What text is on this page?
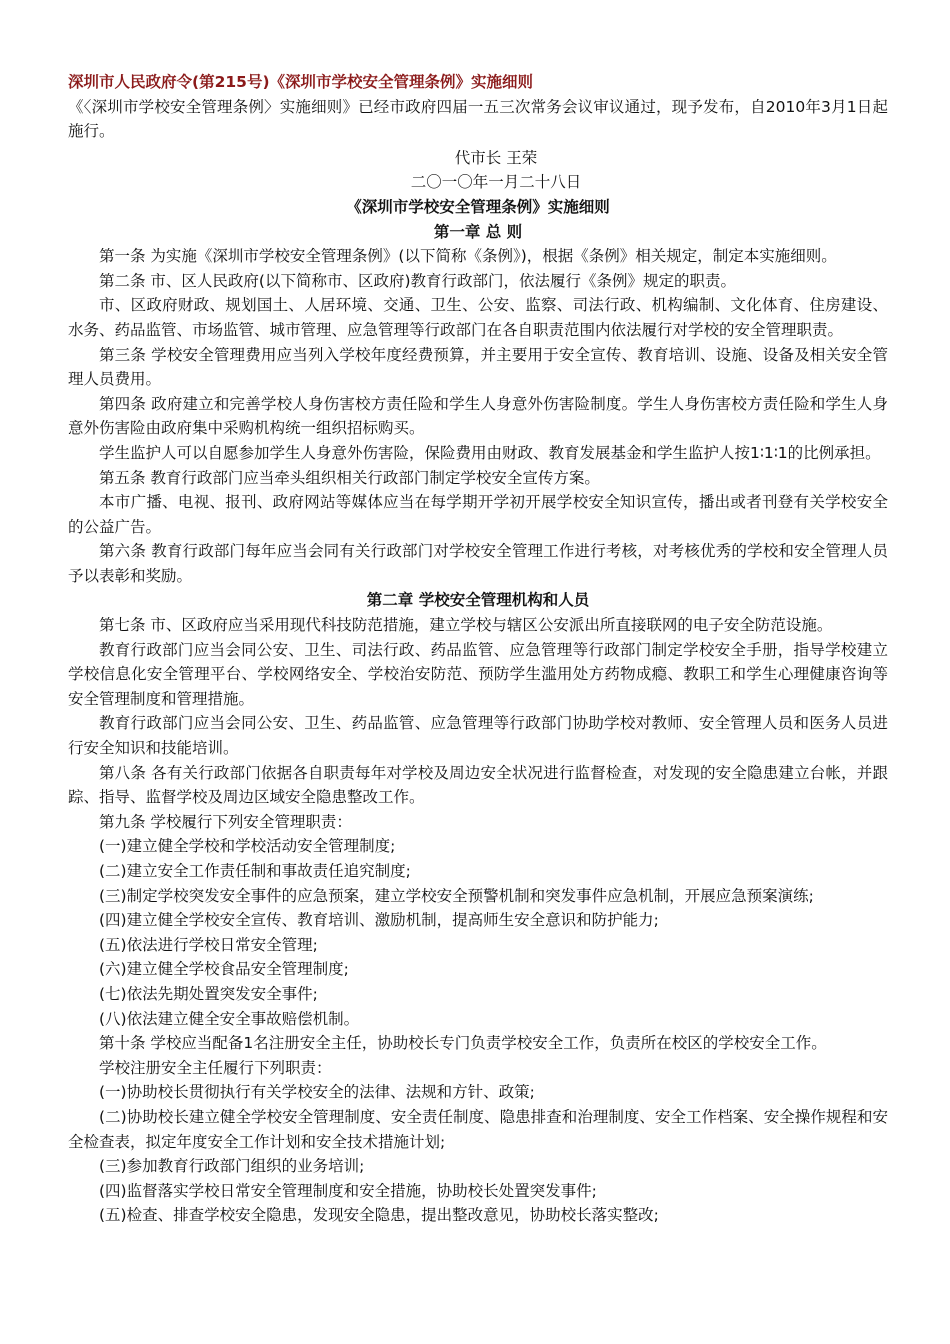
深圳市人民政府令(第215号)《深圳市学校安全管理条例》实施细则

《〈深圳市学校安全管理条例〉实施细则》已经市政府四届一五三次常务会议审议通过，现予发布，自2010年3月1日起施行。

代市长 王荣

二〇一〇年一月二十八日

《深圳市学校安全管理条例》实施细则

第一章 总 则

第一条 为实施《深圳市学校安全管理条例》(以下简称《条例》)，根据《条例》相关规定，制定本实施细则。

第二条 市、区人民政府(以下简称市、区政府)教育行政部门，依法履行《条例》规定的职责。

市、区政府财政、规划国土、人居环境、交通、卫生、公安、监察、司法行政、机构编制、文化体育、住房建设、水务、药品监管、市场监管、城市管理、应急管理等行政部门在各自职责范围内依法履行对学校的安全管理职责。

第三条 学校安全管理费用应当列入学校年度经费预算，并主要用于安全宣传、教育培训、设施、设备及相关安全管理人员费用。

第四条 政府建立和完善学校人身伤害校方责任险和学生人身意外伤害险制度。学生人身伤害校方责任险和学生人身意外伤害险由政府集中采购机构统一组织招标购买。

学生监护人可以自愿参加学生人身意外伤害险，保险费用由财政、教育发展基金和学生监护人按1∶1∶1的比例承担。

第五条 教育行政部门应当牵头组织相关行政部门制定学校安全宣传方案。

本市广播、电视、报刊、政府网站等媒体应当在每学期开学初开展学校安全知识宣传，播出或者刊登有关学校安全的公益广告。

第六条 教育行政部门每年应当会同有关行政部门对学校安全管理工作进行考核，对考核优秀的学校和安全管理人员予以表彰和奖励。

第二章 学校安全管理机构和人员

第七条 市、区政府应当采用现代科技防范措施，建立学校与辖区公安派出所直接联网的电子安全防范设施。

教育行政部门应当会同公安、卫生、司法行政、药品监管、应急管理等行政部门制定学校安全手册，指导学校建立学校信息化安全管理平台、学校网络安全、学校治安防范、预防学生滥用处方药物成瘾、教职工和学生心理健康咨询等安全管理制度和管理措施。

教育行政部门应当会同公安、卫生、药品监管、应急管理等行政部门协助学校对教师、安全管理人员和医务人员进行安全知识和技能培训。

第八条 各有关行政部门依据各自职责每年对学校及周边安全状况进行监督检查，对发现的安全隐患建立台帐，并跟踪、指导、监督学校及周边区域安全隐患整改工作。

第九条 学校履行下列安全管理职责：

(一)建立健全学校和学校活动安全管理制度;

(二)建立安全工作责任制和事故责任追究制度;

(三)制定学校突发安全事件的应急预案，建立学校安全预警机制和突发事件应急机制，开展应急预案演练;

(四)建立健全学校安全宣传、教育培训、激励机制，提高师生安全意识和防护能力;

(五)依法进行学校日常安全管理;

(六)建立健全学校食品安全管理制度;

(七)依法先期处置突发安全事件;

(八)依法建立健全安全事故赔偿机制。

第十条 学校应当配备1名注册安全主任，协助校长专门负责学校安全工作，负责所在校区的学校安全工作。

学校注册安全主任履行下列职责：

(一)协助校长贯彻执行有关学校安全的法律、法规和方针、政策;

(二)协助校长建立健全学校安全管理制度、安全责任制度、隐患排查和治理制度、安全工作档案、安全操作规程和安全检查表，拟定年度安全工作计划和安全技术措施计划;

(三)参加教育行政部门组织的业务培训;

(四)监督落实学校日常安全管理制度和安全措施，协助校长处置突发事件;

(五)检查、排查学校安全隐患，发现安全隐患，提出整改意见，协助校长落实整改;
